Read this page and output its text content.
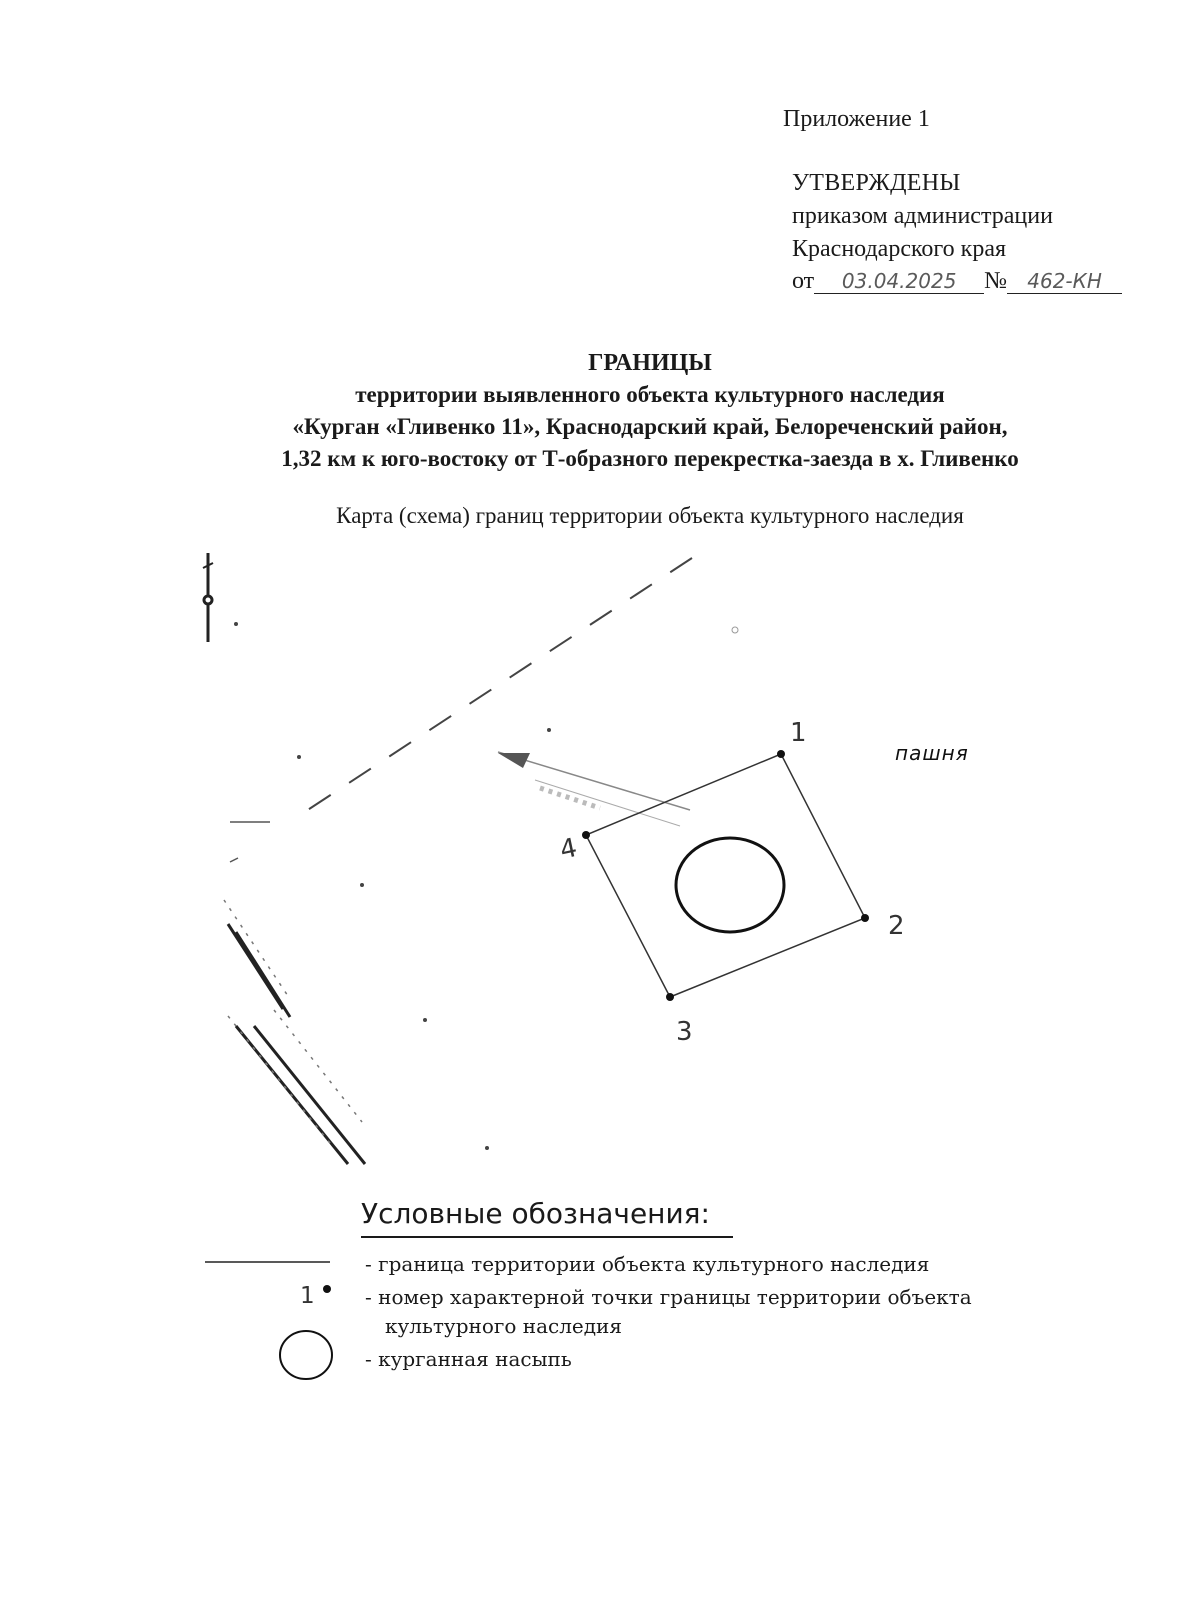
Приложение 1
УТВЕРЖДЕНЫ
приказом администрации
Краснодарского края
от 03.04.2025 № 462-КН
ГРАНИЦЫ
территории выявленного объекта культурного наследия
«Курган «Гливенко 11», Краснодарский край, Белореченский район,
1,32 км к юго-востоку от Т-образного перекрестка-заезда в х. Гливенко
Карта (схема) границ территории объекта культурного наследия
1
2
3
4
пашня
Условные обозначения:
- граница территории объекта культурного наследия
1	- номер характерной точки границы территории объекта
культурного наследия
- курганная насыпь
